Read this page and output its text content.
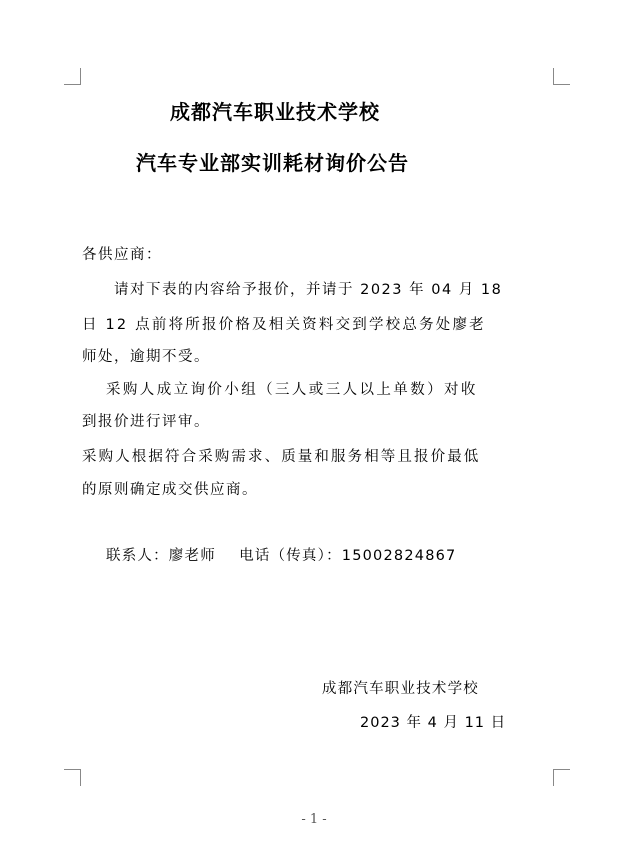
成都汽车职业技术学校
汽车专业部实训耗材询价公告
各供应商：
请对下表的内容给予报价，并请于 2023 年 04 月 18
日 12 点前将所报价格及相关资料交到学校总务处廖老
师处，逾期不受。
采购人成立询价小组（三人或三人以上单数）对收
到报价进行评审。
采购人根据符合采购需求、质量和服务相等且报价最低
的原则确定成交供应商。
联系人：廖老师    电话（传真）：15002824867
成都汽车职业技术学校
2023 年 4 月 11 日
- 1 -
